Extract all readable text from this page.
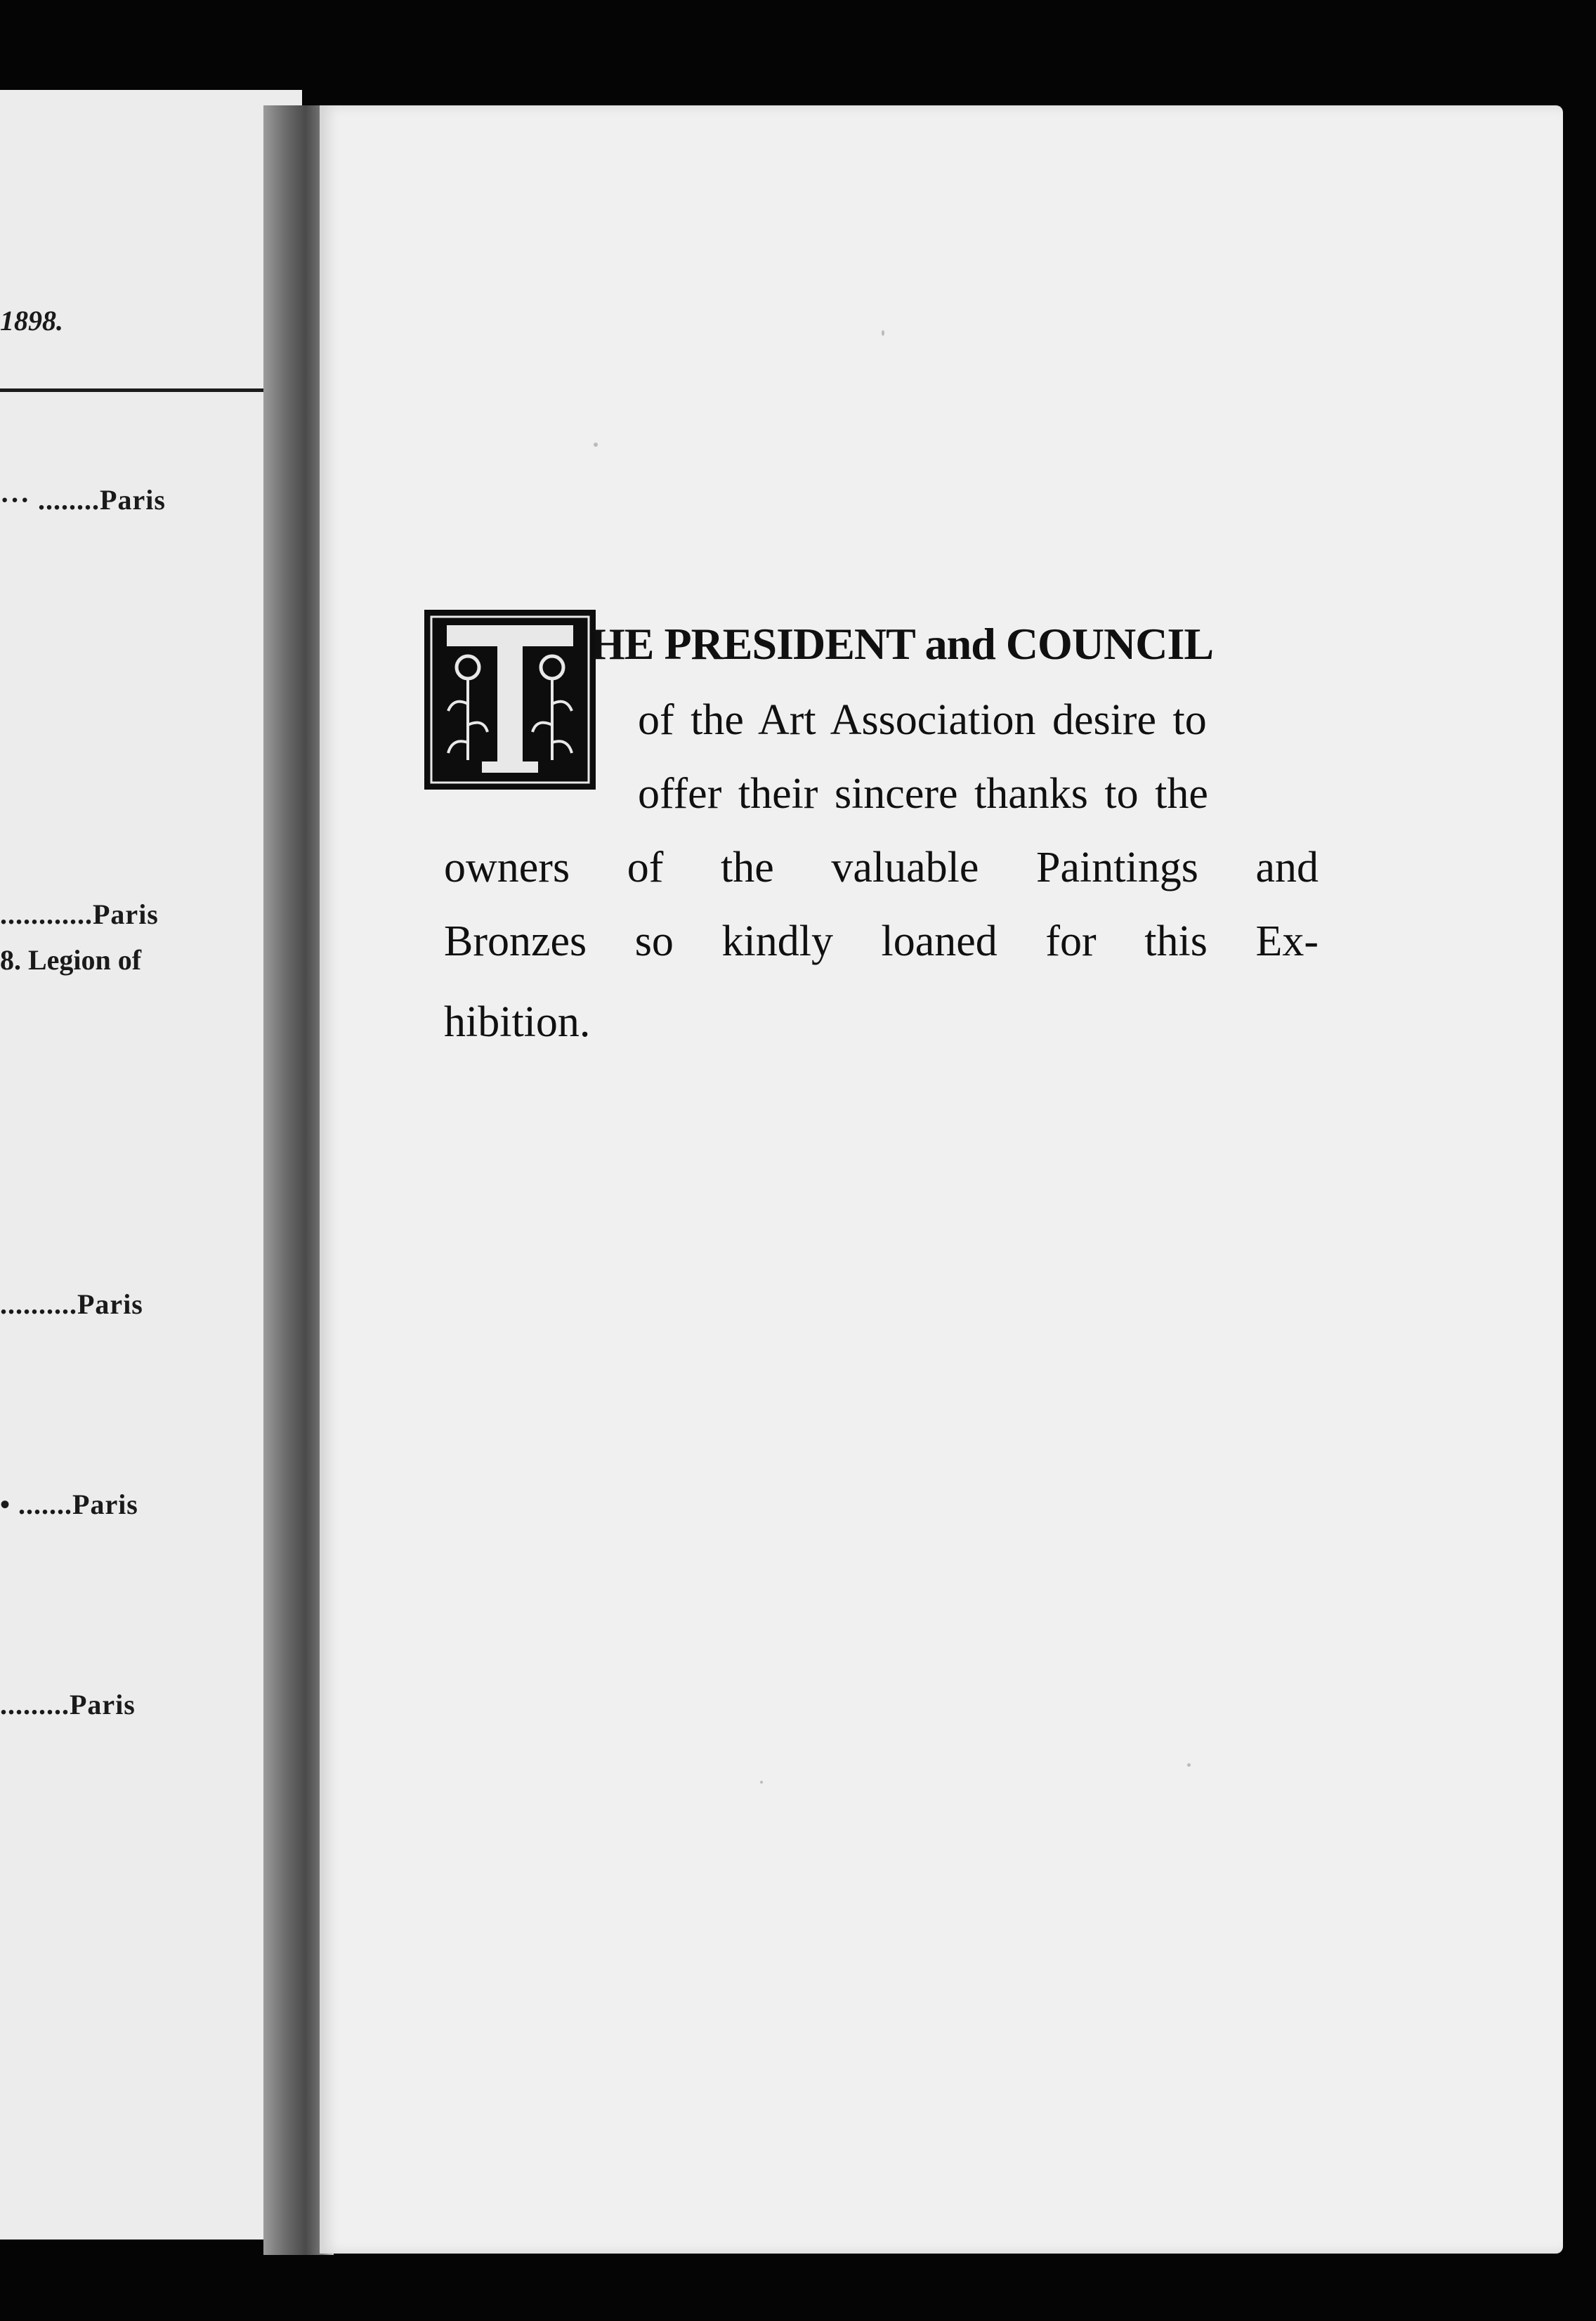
1898.
··· ........Paris
............Paris
8. Legion of
..........Paris
• .......Paris
.........Paris
HE PRESIDENT and COUNCIL
of the Art Association desire to
offer their sincere thanks to the
owners of the valuable Paintings and
Bronzes so kindly loaned for this Ex-
hibition.
